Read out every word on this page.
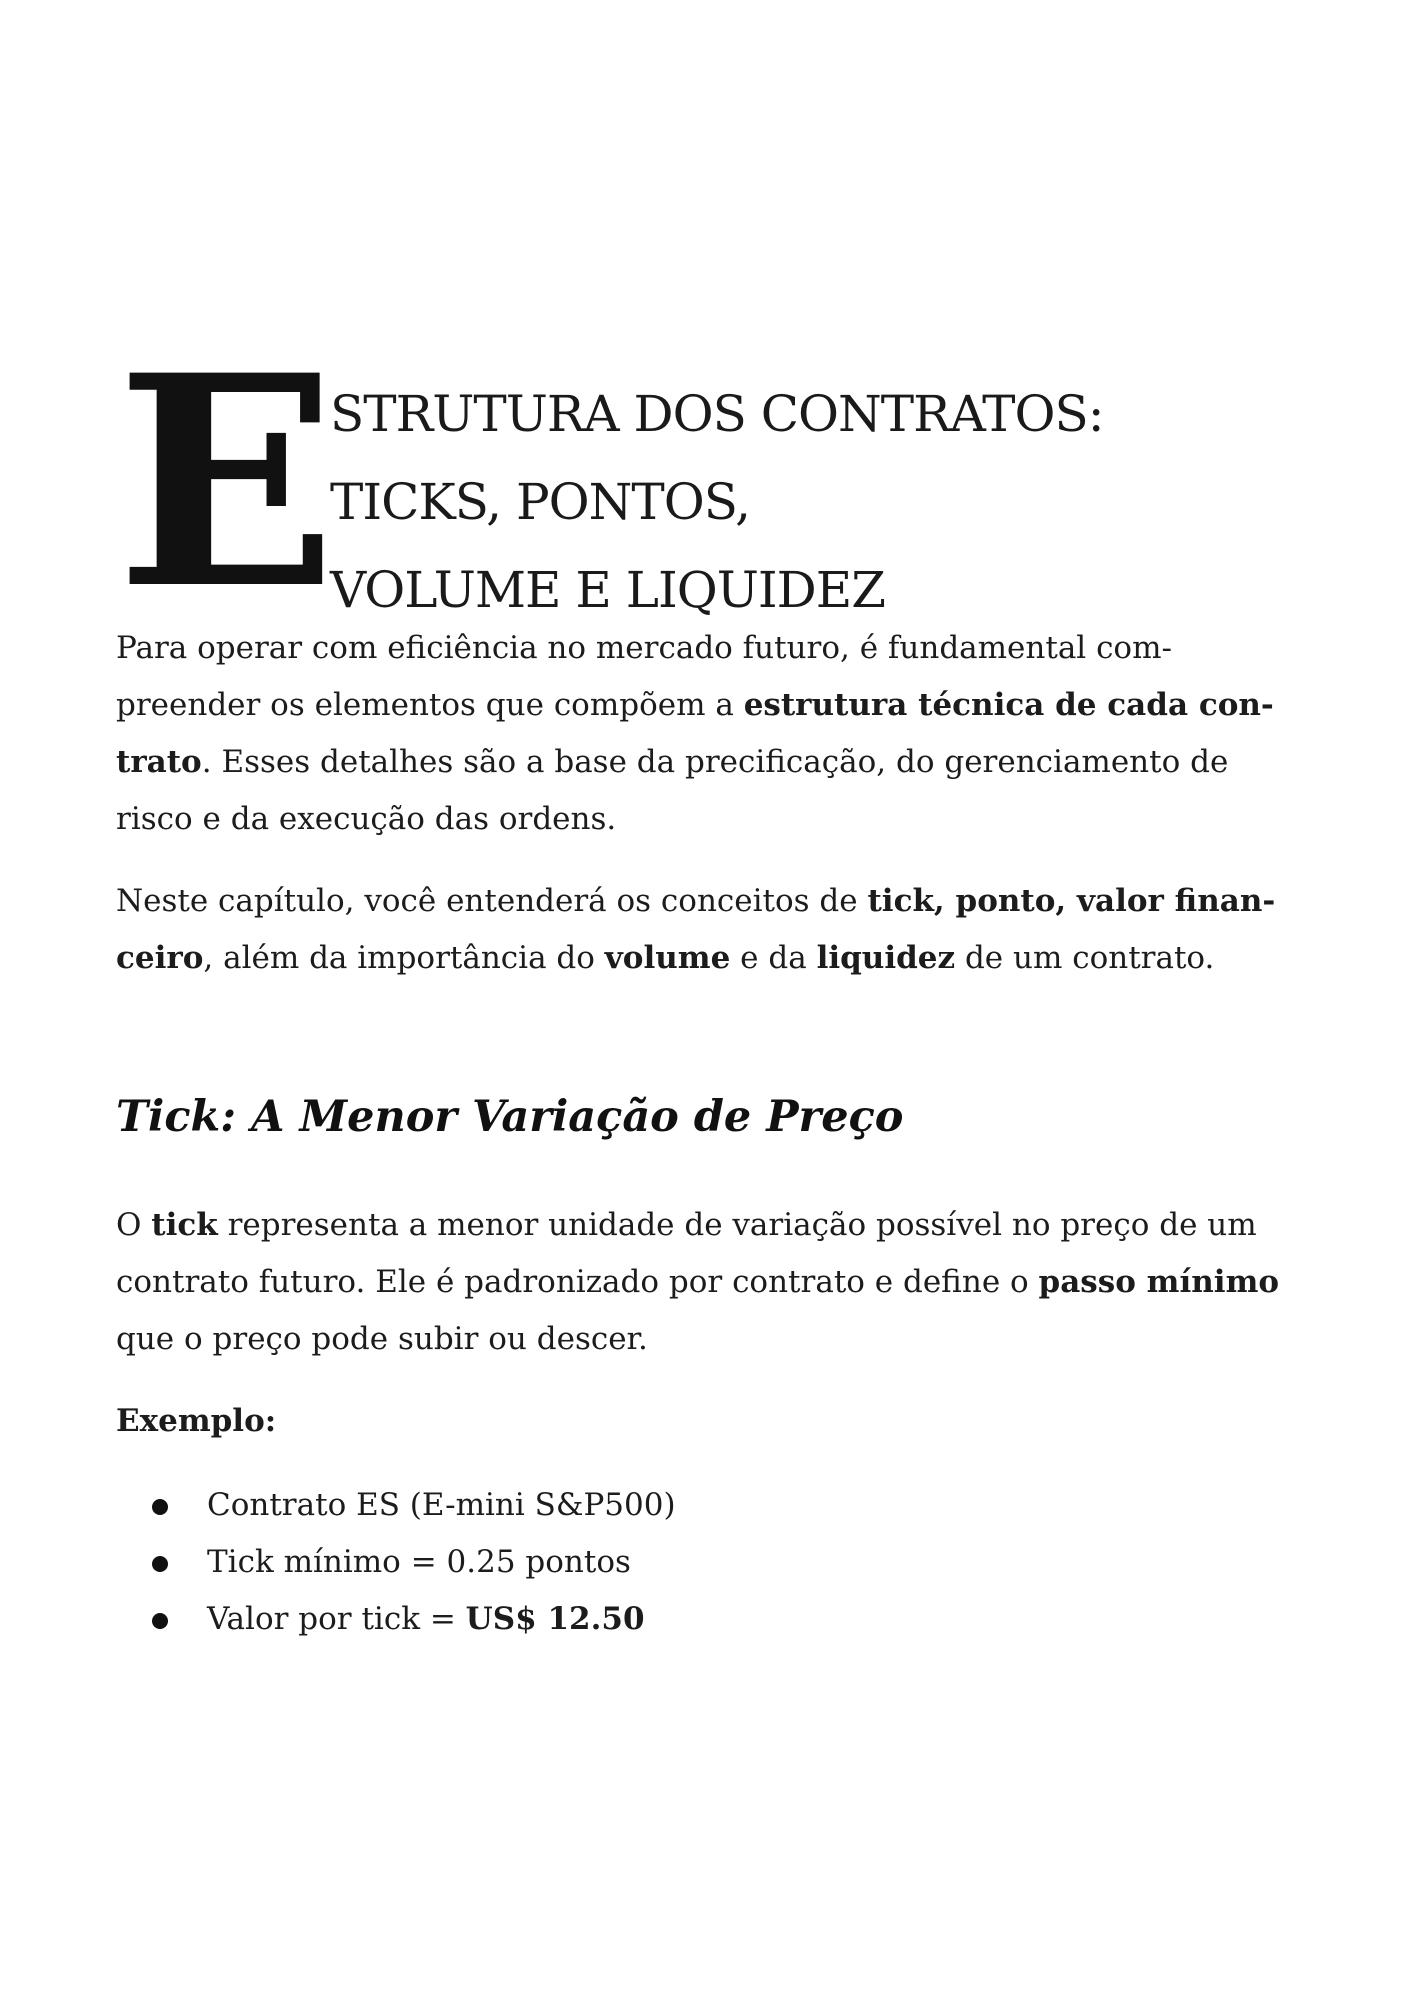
E
STRUTURA DOS CONTRATOS:
TICKS, PONTOS,
VOLUME E LIQUIDEZ

Para operar com eficiência no mercado futuro, é fundamental com-preender os elementos que compõem a estrutura técnica de cada con-trato. Esses detalhes são a base da precificação, do gerenciamento de risco e da execução das ordens.

Neste capítulo, você entenderá os conceitos de tick, ponto, valor finan-ceiro, além da importância do volume e da liquidez de um contrato.

Tick: A Menor Variação de Preço

O tick representa a menor unidade de variação possível no preço de um contrato futuro. Ele é padronizado por contrato e define o passo mínimo que o preço pode subir ou descer.

Exemplo:

Contrato ES (E-mini S&P500)
Tick mínimo = 0.25 pontos
Valor por tick = US$ 12.50
